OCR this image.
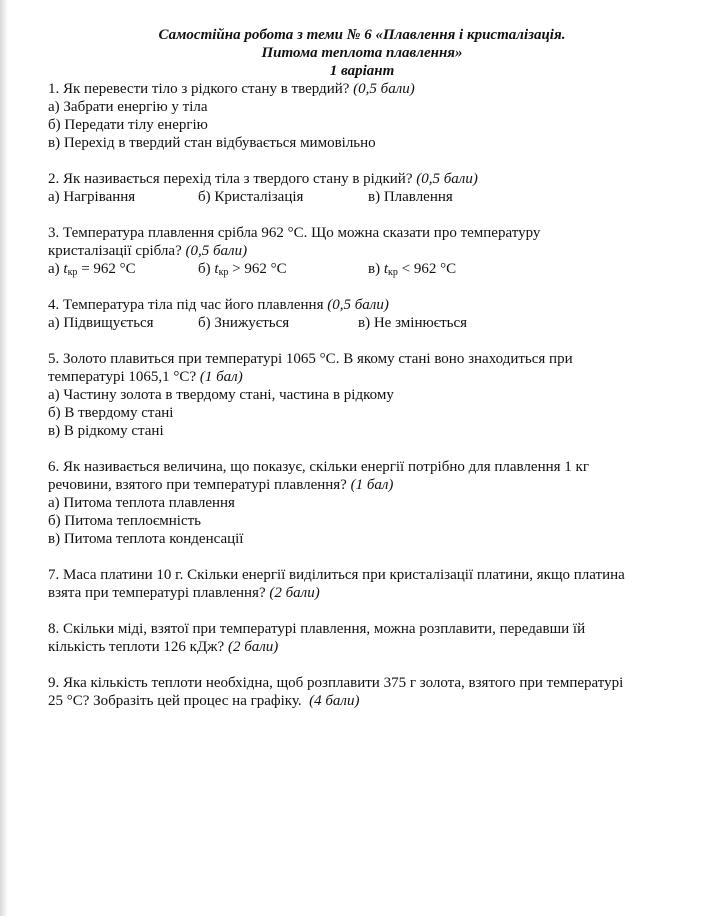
Самостійна робота з теми № 6 «Плавлення і кристалізація.
Питома теплота плавлення»
1 варіант
1. Як перевести тіло з рідкого стану в твердий? (0,5 бали)
а) Забрати енергію у тіла
б) Передати тілу енергію
в) Перехід в твердий стан відбувається мимовільно
2. Як називається перехід тіла з твердого стану в рідкий? (0,5 бали)
а) Нагрівання	б) Кристалізація	в) Плавлення
3. Температура плавлення срібла 962 °С. Що можна сказати про температуру
кристалізації срібла? (0,5 бали)
а) $t_{кр} = 962$ °С	б) $t_{кр} > 962$ °С	в) $t_{кр} < 962$ °С
4. Температура тіла під час його плавлення (0,5 бали)
а) Підвищується	б) Знижується	в) Не змінюється
5. Золото плавиться при температурі 1065 °С. В якому стані воно знаходиться при
температурі 1065,1 °С? (1 бал)
а) Частину золота в твердому стані, частина в рідкому
б) В твердому стані
в) В рідкому стані
6. Як називається величина, що показує, скільки енергії потрібно для плавлення 1 кг
речовини, взятого при температурі плавлення? (1 бал)
а) Питома теплота плавлення
б) Питома теплоємність
в) Питома теплота конденсації
7. Маса платини 10 г. Скільки енергії виділиться при кристалізації платини, якщо платина
взята при температурі плавлення? (2 бали)
8. Скільки міді, взятої при температурі плавлення, можна розплавити, передавши їй
кількість теплоти 126 кДж? (2 бали)
9. Яка кількість теплоти необхідна, щоб розплавити 375 г золота, взятого при температурі
25 °С? Зобразіть цей процес на графіку. (4 бали)
